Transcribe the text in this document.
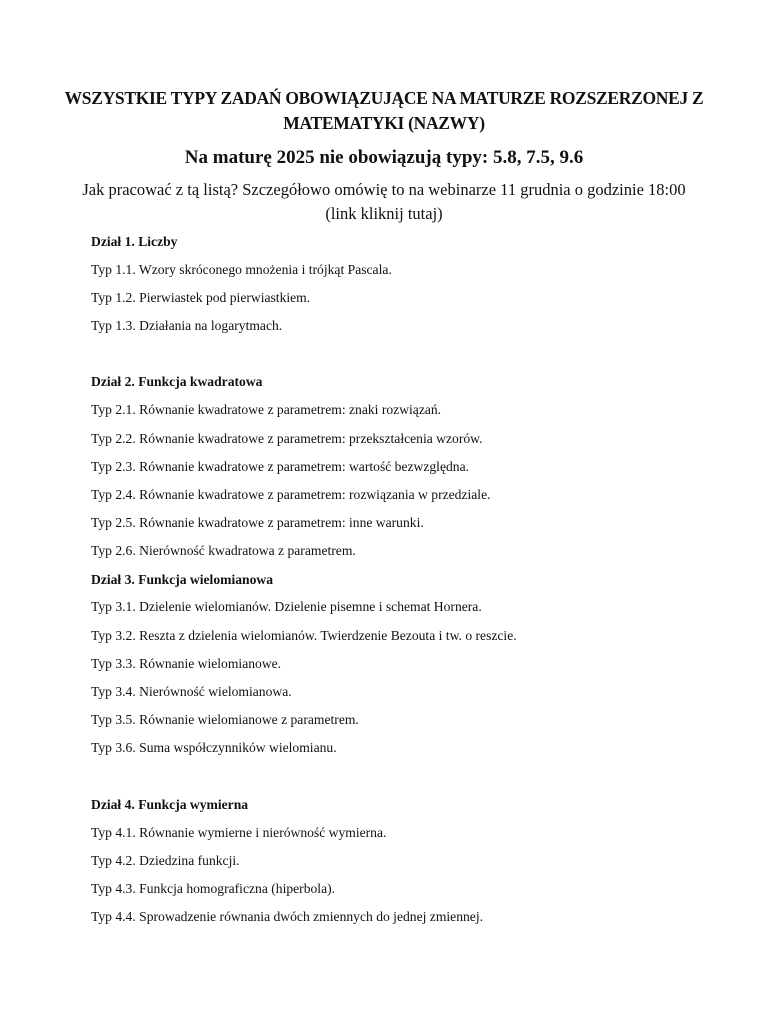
WSZYSTKIE TYPY ZADAŃ OBOWIĄZUJĄCE NA MATURZE ROZSZERZONEJ Z MATEMATYKI (NAZWY)
Na maturę 2025 nie obowiązują typy: 5.8, 7.5, 9.6
Jak pracować z tą listą? Szczegółowo omówię to na webinarze 11 grudnia o godzinie 18:00 (link kliknij tutaj)
Dział 1. Liczby
Typ 1.1. Wzory skróconego mnożenia i trójkąt Pascala.
Typ 1.2. Pierwiastek pod pierwiastkiem.
Typ 1.3. Działania na logarytmach.
Dział 2. Funkcja kwadratowa
Typ 2.1. Równanie kwadratowe z parametrem: znaki rozwiązań.
Typ 2.2. Równanie kwadratowe z parametrem: przekształcenia wzorów.
Typ 2.3. Równanie kwadratowe z parametrem: wartość bezwzględna.
Typ 2.4. Równanie kwadratowe z parametrem: rozwiązania w przedziale.
Typ 2.5. Równanie kwadratowe z parametrem: inne warunki.
Typ 2.6. Nierówność kwadratowa z parametrem.
Dział 3. Funkcja wielomianowa
Typ 3.1. Dzielenie wielomianów. Dzielenie pisemne i schemat Hornera.
Typ 3.2. Reszta z dzielenia wielomianów. Twierdzenie Bezouta i tw. o reszcie.
Typ 3.3. Równanie wielomianowe.
Typ 3.4. Nierówność wielomianowa.
Typ 3.5. Równanie wielomianowe z parametrem.
Typ 3.6. Suma współczynników wielomianu.
Dział 4. Funkcja wymierna
Typ 4.1. Równanie wymierne i nierówność wymierna.
Typ 4.2. Dziedzina funkcji.
Typ 4.3. Funkcja homograficzna (hiperbola).
Typ 4.4. Sprowadzenie równania dwóch zmiennych do jednej zmiennej.
